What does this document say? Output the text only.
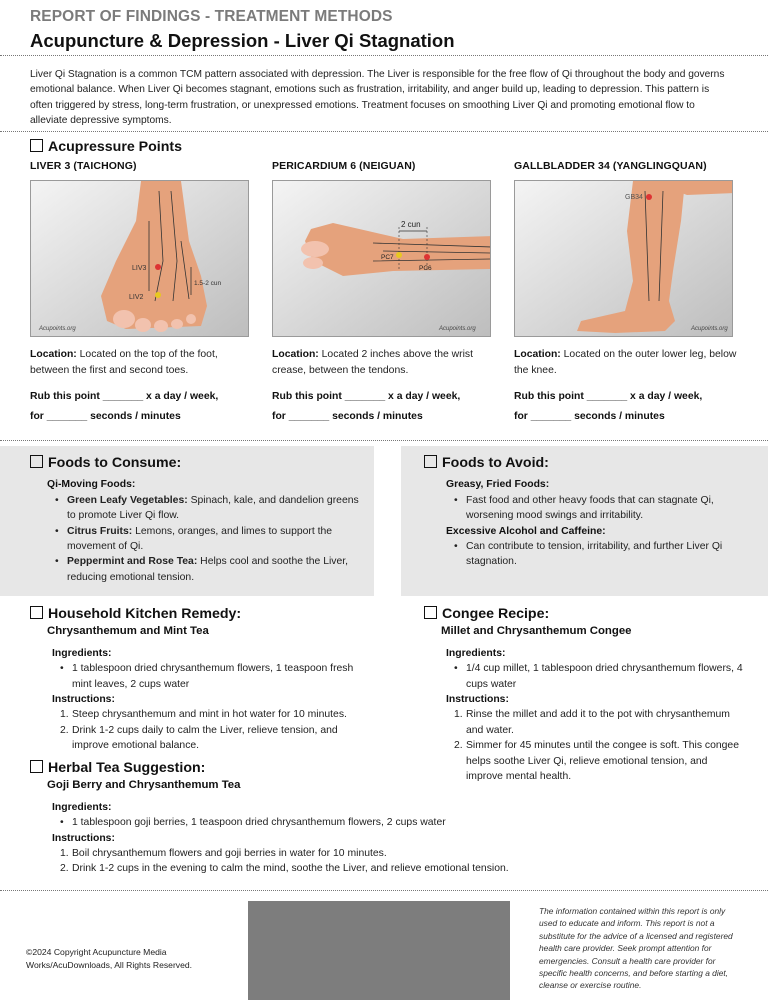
REPORT OF FINDINGS - TREATMENT METHODS
Acupuncture & Depression - Liver Qi Stagnation
Liver Qi Stagnation is a common TCM pattern associated with depression. The Liver is responsible for the free flow of Qi throughout the body and governs emotional balance. When Liver Qi becomes stagnant, emotions such as frustration, irritability, and anger build up, leading to depression. This pattern is often triggered by stress, long-term frustration, or unexpressed emotions. Treatment focuses on smoothing Liver Qi and promoting emotional flow to alleviate depressive symptoms.
Acupressure Points
LIVER 3 (TAICHONG)
LIV3
LIV2
1.5-2 cun
Acupoints.org
Location: Located on the top of the foot, between the first and second toes.
Rub this point _______ x a day / week,
for _______ seconds / minutes
PERICARDIUM 6 (NEIGUAN)
2 cun
PC7
PC6
Acupoints.org
Location: Located 2 inches above the wrist crease, between the tendons.
Rub this point _______ x a day / week,
for _______ seconds / minutes
GALLBLADDER 34 (YANGLINGQUAN)
GB34
Acupoints.org
Location: Located on the outer lower leg, below the knee.
Rub this point _______ x a day / week,
for _______ seconds / minutes
Foods to Consume:
Qi-Moving Foods:
• Green Leafy Vegetables: Spinach, kale, and dandelion greens to promote Liver Qi flow.
• Citrus Fruits: Lemons, oranges, and limes to support the movement of Qi.
• Peppermint and Rose Tea: Helps cool and soothe the Liver, reducing emotional tension.
Foods to Avoid:
Greasy, Fried Foods:
• Fast food and other heavy foods that can stagnate Qi, worsening mood swings and irritability.
Excessive Alcohol and Caffeine:
• Can contribute to tension, irritability, and further Liver Qi stagnation.
Household Kitchen Remedy:
Chrysanthemum and Mint Tea
Ingredients:
• 1 tablespoon dried chrysanthemum flowers, 1 teaspoon fresh mint leaves, 2 cups water
Instructions:
1. Steep chrysanthemum and mint in hot water for 10 minutes.
2. Drink 1-2 cups daily to calm the Liver, relieve tension, and improve emotional balance.
Congee Recipe:
Millet and Chrysanthemum Congee
Ingredients:
• 1/4 cup millet, 1 tablespoon dried chrysanthemum flowers, 4 cups water
Instructions:
1. Rinse the millet and add it to the pot with chrysanthemum and water.
2. Simmer for 45 minutes until the congee is soft. This congee helps soothe Liver Qi, relieve emotional tension, and improve mental health.
Herbal Tea Suggestion:
Goji Berry and Chrysanthemum Tea
Ingredients:
• 1 tablespoon goji berries, 1 teaspoon dried chrysanthemum flowers, 2 cups water
Instructions:
1. Boil chrysanthemum flowers and goji berries in water for 10 minutes.
2. Drink 1-2 cups in the evening to calm the mind, soothe the Liver, and relieve emotional tension.
©2024 Copyright Acupuncture Media Works/AcuDownloads, All Rights Reserved.
The information contained within this report is only used to educate and inform. This report is not a substitute for the advice of a licensed and registered health care provider. Seek prompt attention for emergencies. Consult a health care provider for specific health concerns, and before starting a diet, cleanse or exercise routine.
